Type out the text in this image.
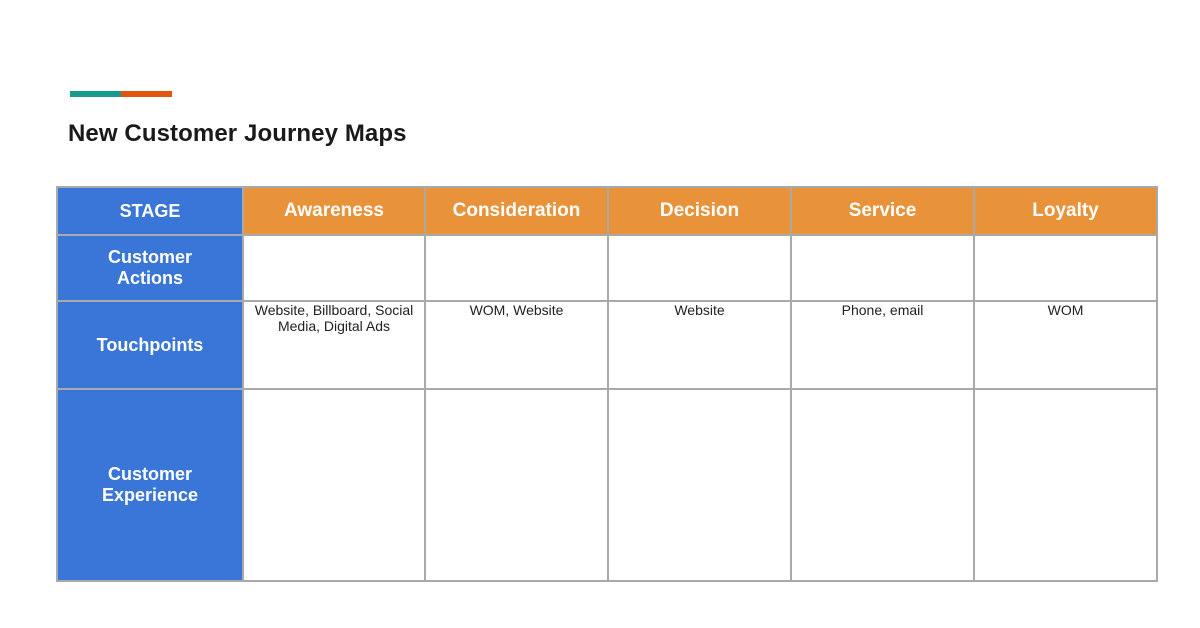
New Customer Journey Maps
STAGE	Awareness	Consideration	Decision	Service	Loyalty

Customer Actions					

Touchpoints	Website, Billboard, Social Media, Digital Ads	WOM, Website	Website	Phone, email	WOM

Customer Experience					
